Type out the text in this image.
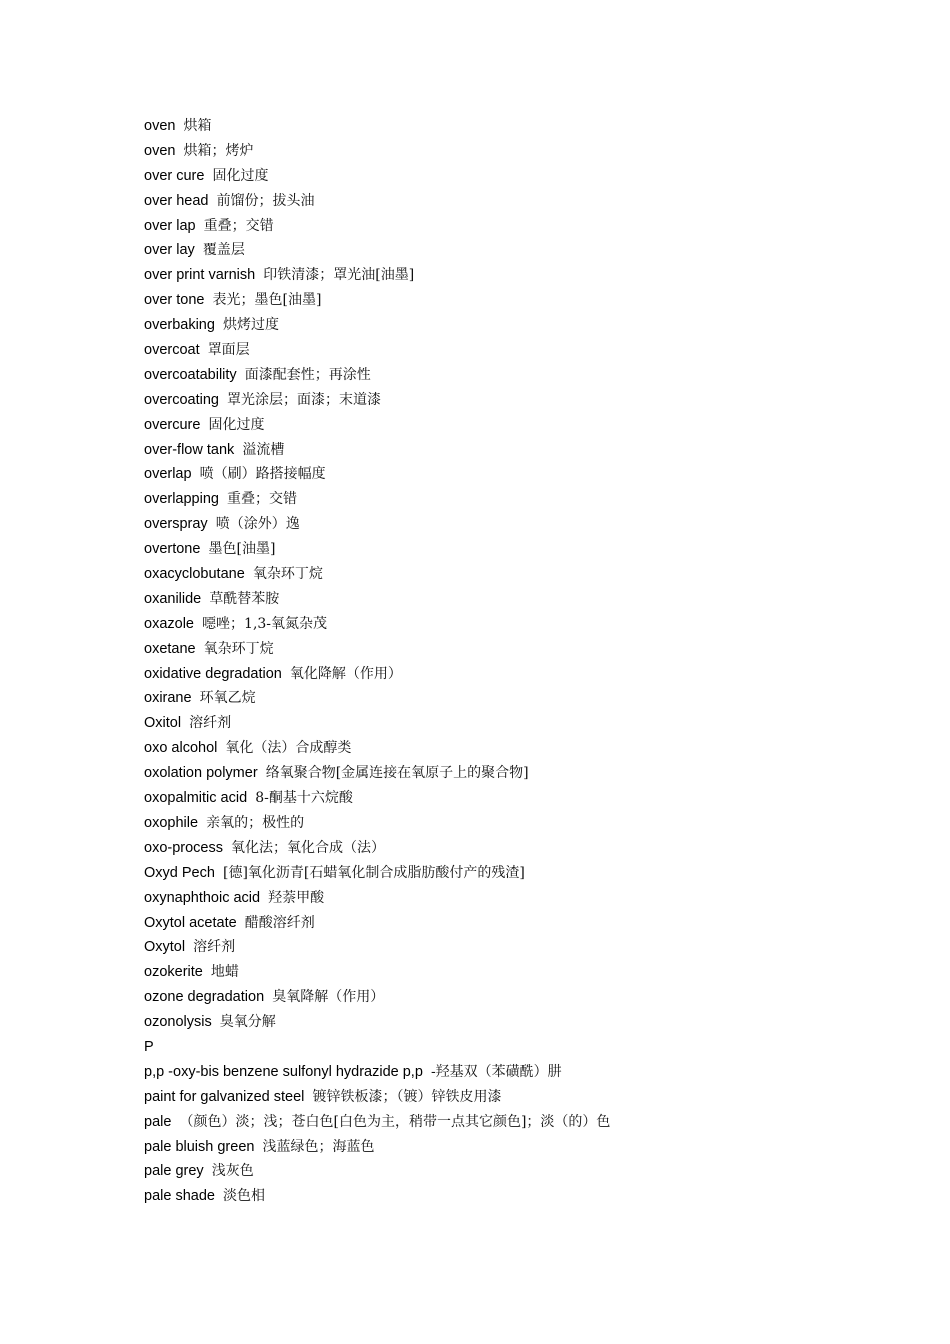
oven 烘箱
oven 烘箱；烤炉
over cure 固化过度
over head 前馏份；拔头油
over lap 重叠；交错
over lay 覆盖层
over print varnish 印铁清漆；罩光油[油墨]
over tone 表光；墨色[油墨]
overbaking 烘烤过度
overcoat 罩面层
overcoatability 面漆配套性；再涂性
overcoating 罩光涂层；面漆；末道漆
overcure 固化过度
over-flow tank 溢流槽
overlap 喷（刷）路搭接幅度
overlapping 重叠；交错
overspray 喷（涂外）逸
overtone 墨色[油墨]
oxacyclobutane 氧杂环丁烷
oxanilide 草酰替苯胺
oxazole 噁唑；1,3-氧氮杂茂
oxetane 氧杂环丁烷
oxidative degradation 氧化降解（作用）
oxirane 环氧乙烷
Oxitol 溶纤剂
oxo alcohol 氧化（法）合成醇类
oxolation polymer 络氧聚合物[金属连接在氧原子上的聚合物]
oxopalmitic acid 8-酮基十六烷酸
oxophile 亲氧的；极性的
oxo-process 氧化法；氧化合成（法）
Oxyd Pech [德]氧化沥青[石蜡氧化制合成脂肪酸付产的残渣]
oxynaphthoic acid 羟萘甲酸
Oxytol acetate 醋酸溶纤剂
Oxytol 溶纤剂
ozokerite 地蜡
ozone degradation 臭氧降解（作用）
ozonolysis 臭氧分解
P
p,p -oxy-bis benzene sulfonyl hydrazide p,p -羟基双（苯磺酰）肼
paint for galvanized steel 镀锌铁板漆；（镀）锌铁皮用漆
pale （颜色）淡；浅；苍白色[白色为主，稍带一点其它颜色]；淡（的）色
pale bluish green 浅蓝绿色；海蓝色
pale grey 浅灰色
pale shade 淡色相
